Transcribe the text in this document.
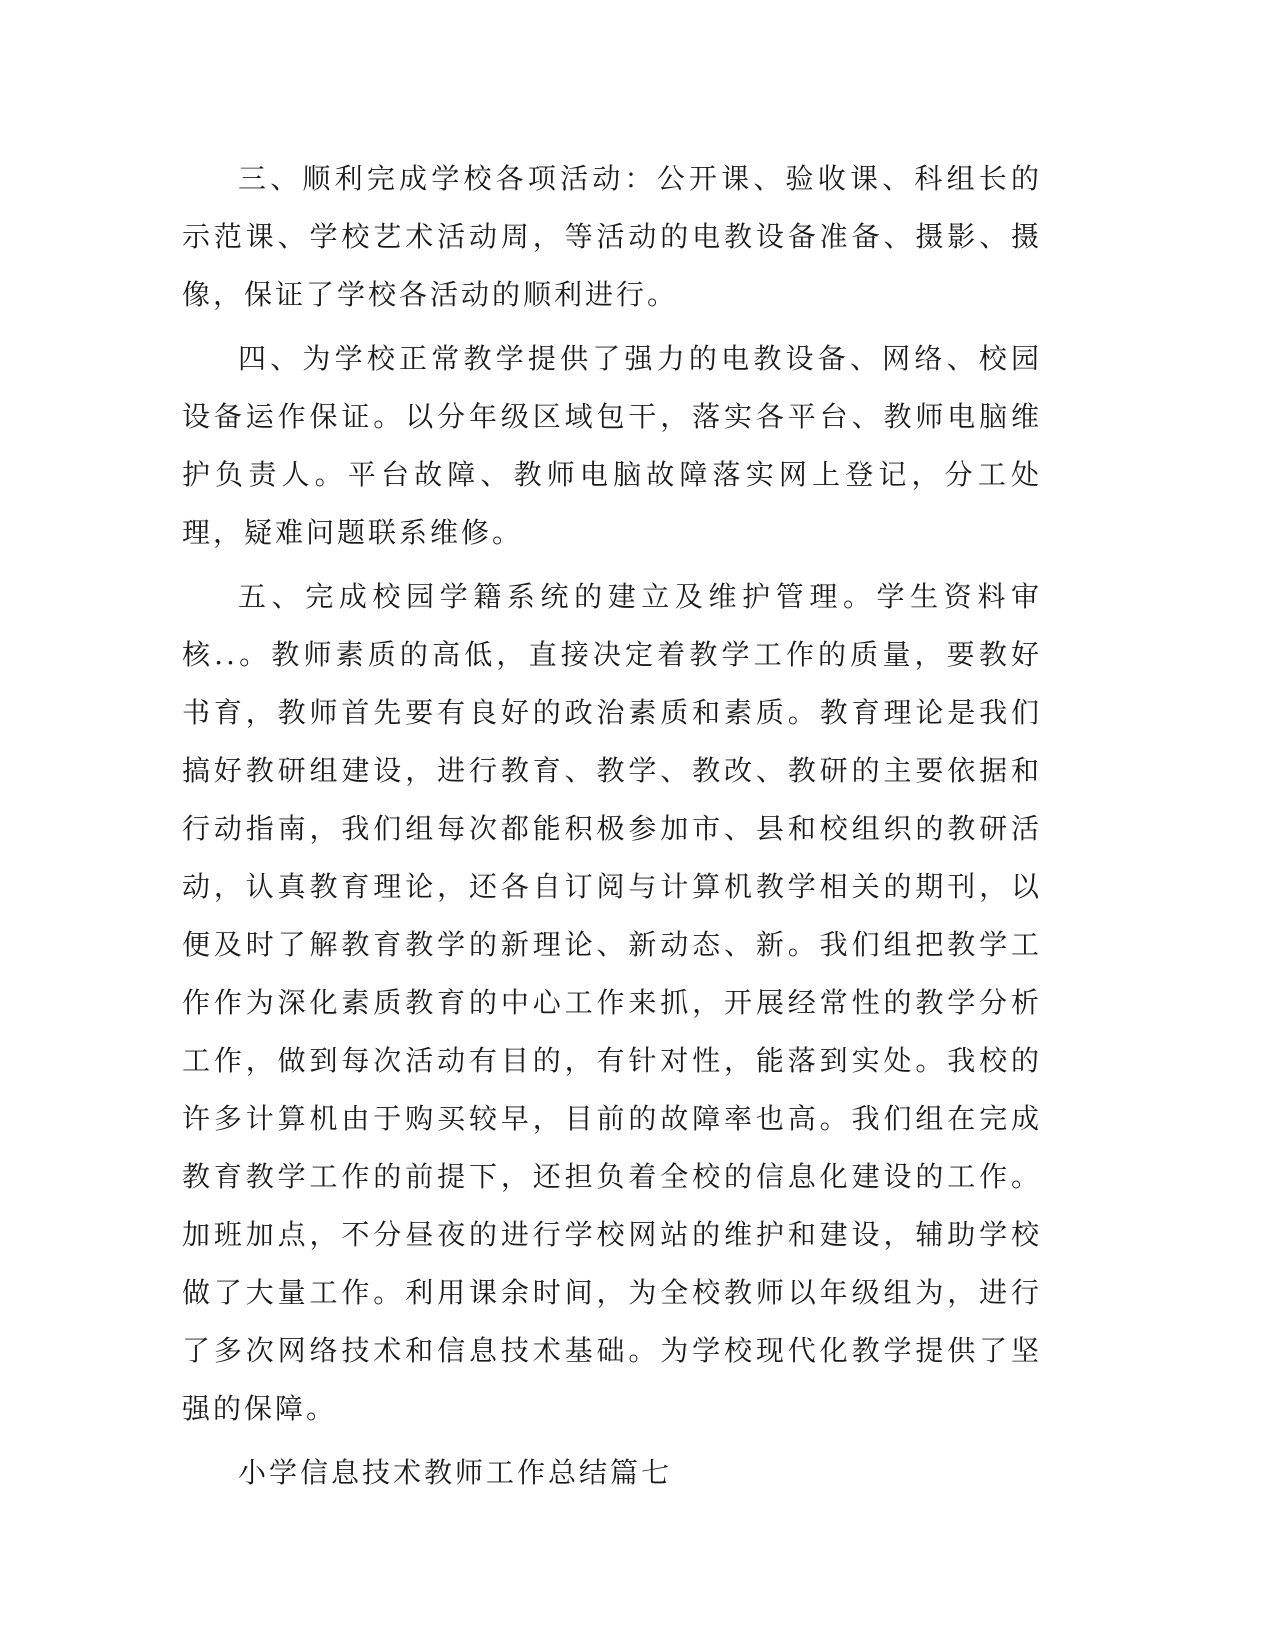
三、顺利完成学校各项活动：公开课、验收课、科组长的示范课、学校艺术活动周，等活动的电教设备准备、摄影、摄像，保证了学校各活动的顺利进行。

四、为学校正常教学提供了强力的电教设备、网络、校园设备运作保证。以分年级区域包干，落实各平台、教师电脑维护负责人。平台故障、教师电脑故障落实网上登记，分工处理，疑难问题联系维修。

五、完成校园学籍系统的建立及维护管理。学生资料审核..。教师素质的高低，直接决定着教学工作的质量，要教好书育，教师首先要有良好的政治素质和素质。教育理论是我们搞好教研组建设，进行教育、教学、教改、教研的主要依据和行动指南，我们组每次都能积极参加市、县和校组织的教研活动，认真教育理论，还各自订阅与计算机教学相关的期刊，以便及时了解教育教学的新理论、新动态、新。我们组把教学工作作为深化素质教育的中心工作来抓，开展经常性的教学分析工作，做到每次活动有目的，有针对性，能落到实处。我校的许多计算机由于购买较早，目前的故障率也高。我们组在完成教育教学工作的前提下，还担负着全校的信息化建设的工作。加班加点，不分昼夜的进行学校网站的维护和建设，辅助学校做了大量工作。利用课余时间，为全校教师以年级组为，进行了多次网络技术和信息技术基础。为学校现代化教学提供了坚强的保障。

小学信息技术教师工作总结篇七
